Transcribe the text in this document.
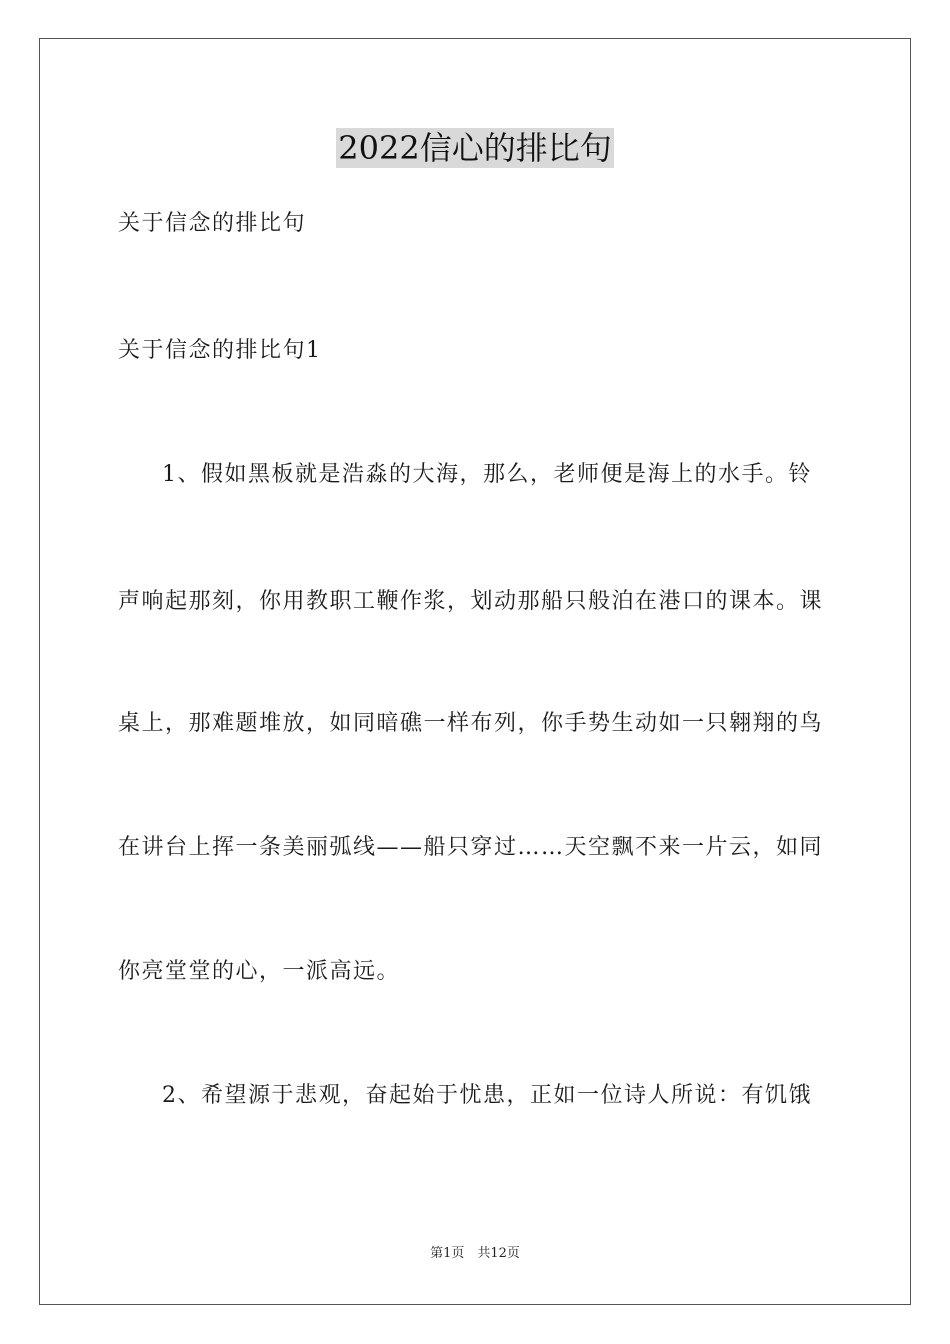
2022信心的排比句
关于信念的排比句
关于信念的排比句1
1、假如黑板就是浩淼的大海，那么，老师便是海上的水手。铃
声响起那刻，你用教职工鞭作浆，划动那船只般泊在港口的课本。课
桌上，那难题堆放，如同暗礁一样布列，你手势生动如一只翱翔的鸟
在讲台上挥一条美丽弧线——船只穿过……天空飘不来一片云，如同
你亮堂堂的心，一派高远。
2、希望源于悲观，奋起始于忧患，正如一位诗人所说：有饥饿
第1页　共12页
